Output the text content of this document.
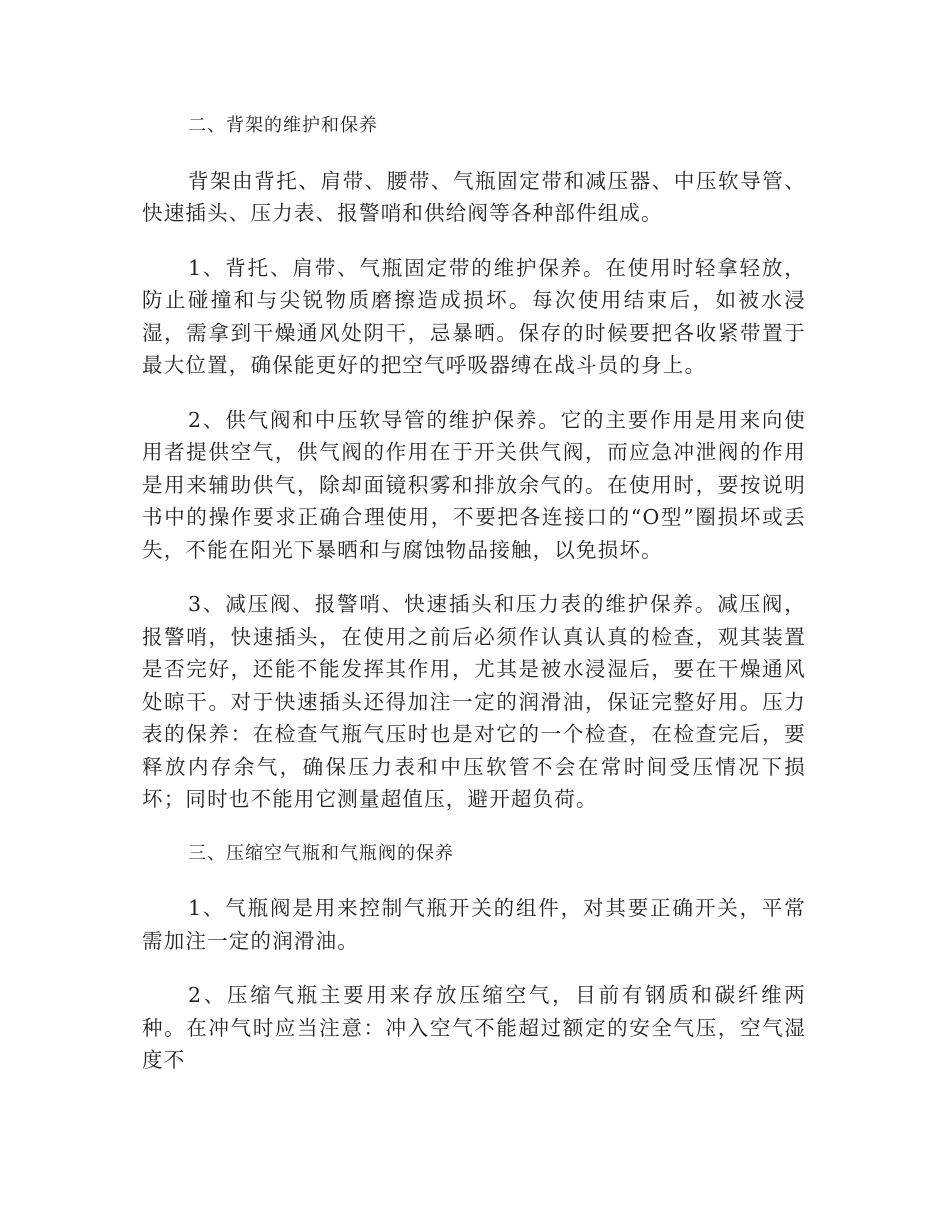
二、背架的维护和保养

背架由背托、肩带、腰带、气瓶固定带和减压器、中压软导管、快速插头、压力表、报警哨和供给阀等各种部件组成。

1、背托、肩带、气瓶固定带的维护保养。在使用时轻拿轻放，防止碰撞和与尖锐物质磨擦造成损坏。每次使用结束后，如被水浸湿，需拿到干燥通风处阴干，忌暴晒。保存的时候要把各收紧带置于最大位置，确保能更好的把空气呼吸器缚在战斗员的身上。

2、供气阀和中压软导管的维护保养。它的主要作用是用来向使用者提供空气，供气阀的作用在于开关供气阀，而应急冲泄阀的作用是用来辅助供气，除却面镜积雾和排放余气的。在使用时，要按说明书中的操作要求正确合理使用，不要把各连接口的“O型”圈损坏或丢失，不能在阳光下暴晒和与腐蚀物品接触，以免损坏。

3、减压阀、报警哨、快速插头和压力表的维护保养。减压阀，报警哨，快速插头，在使用之前后必须作认真认真的检查，观其装置是否完好，还能不能发挥其作用，尤其是被水浸湿后，要在干燥通风处晾干。对于快速插头还得加注一定的润滑油，保证完整好用。压力表的保养：在检查气瓶气压时也是对它的一个检查，在检查完后，要释放内存余气，确保压力表和中压软管不会在常时间受压情况下损坏；同时也不能用它测量超值压，避开超负荷。

三、压缩空气瓶和气瓶阀的保养

1、气瓶阀是用来控制气瓶开关的组件，对其要正确开关，平常需加注一定的润滑油。

2、压缩气瓶主要用来存放压缩空气，目前有钢质和碳纤维两种。在冲气时应当注意：冲入空气不能超过额定的安全气压，空气湿度不
